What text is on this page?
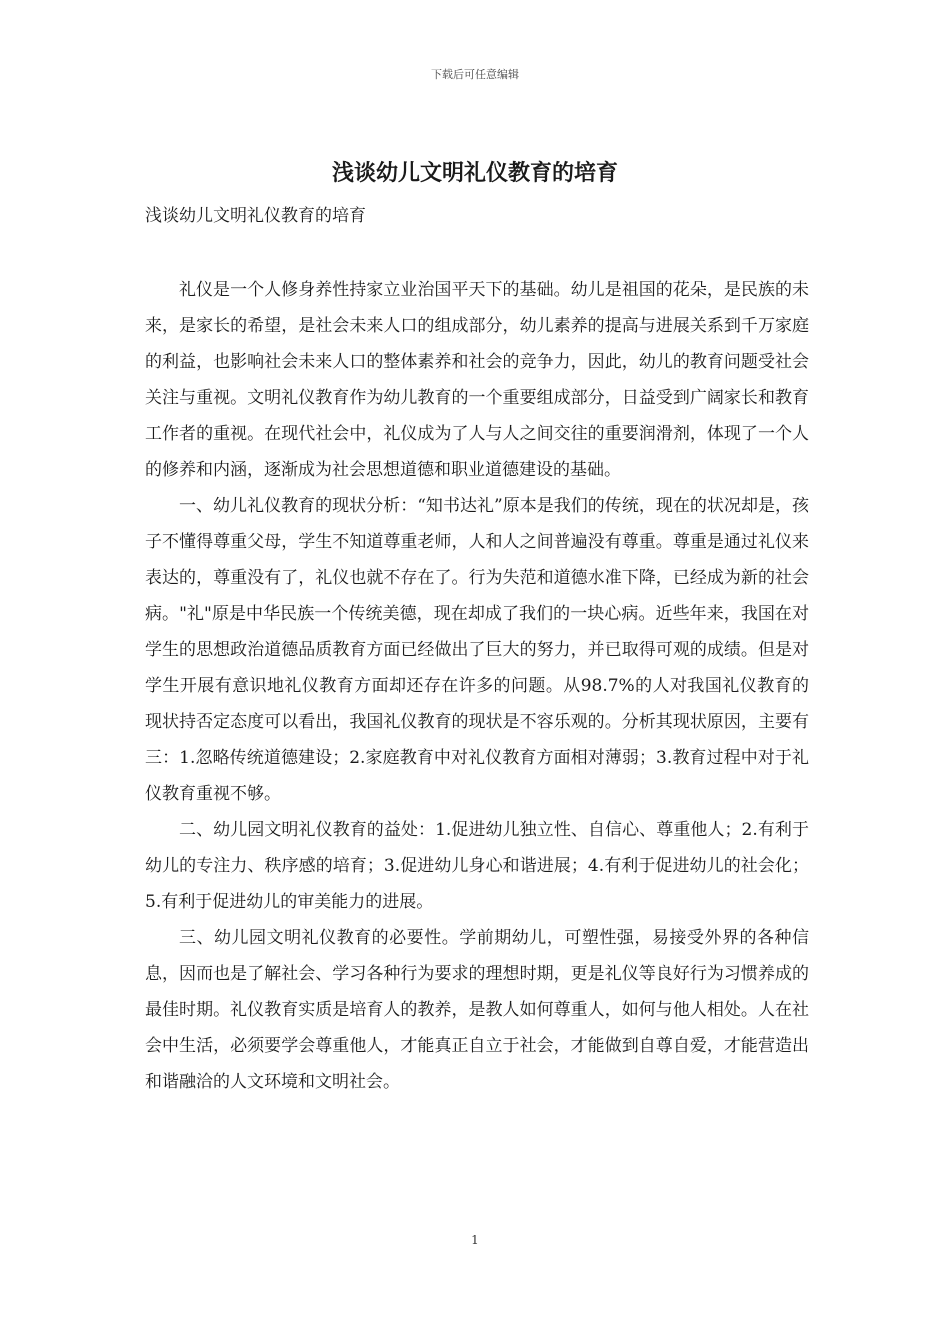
下载后可任意编辑
浅谈幼儿文明礼仪教育的培育
浅谈幼儿文明礼仪教育的培育

礼仪是一个人修身养性持家立业治国平天下的基础。幼儿是祖国的花朵，是民族的未来，是家长的希望，是社会未来人口的组成部分，幼儿素养的提高与进展关系到千万家庭的利益，也影响社会未来人口的整体素养和社会的竞争力，因此，幼儿的教育问题受社会关注与重视。文明礼仪教育作为幼儿教育的一个重要组成部分，日益受到广阔家长和教育工作者的重视。在现代社会中，礼仪成为了人与人之间交往的重要润滑剂，体现了一个人的修养和内涵，逐渐成为社会思想道德和职业道德建设的基础。

一、幼儿礼仪教育的现状分析：“知书达礼”原本是我们的传统，现在的状况却是，孩子不懂得尊重父母，学生不知道尊重老师，人和人之间普遍没有尊重。尊重是通过礼仪来表达的，尊重没有了，礼仪也就不存在了。行为失范和道德水准下降，已经成为新的社会病。"礼"原是中华民族一个传统美德，现在却成了我们的一块心病。近些年来，我国在对学生的思想政治道德品质教育方面已经做出了巨大的努力，并已取得可观的成绩。但是对学生开展有意识地礼仪教育方面却还存在许多的问题。从98.7%的人对我国礼仪教育的现状持否定态度可以看出，我国礼仪教育的现状是不容乐观的。分析其现状原因，主要有三：1.忽略传统道德建设；2.家庭教育中对礼仪教育方面相对薄弱；3.教育过程中对于礼仪教育重视不够。

二、幼儿园文明礼仪教育的益处：1.促进幼儿独立性、自信心、尊重他人；2.有利于幼儿的专注力、秩序感的培育；3.促进幼儿身心和谐进展；4.有利于促进幼儿的社会化；5.有利于促进幼儿的审美能力的进展。

三、幼儿园文明礼仪教育的必要性。学前期幼儿，可塑性强，易接受外界的各种信息，因而也是了解社会、学习各种行为要求的理想时期，更是礼仪等良好行为习惯养成的最佳时期。礼仪教育实质是培育人的教养，是教人如何尊重人，如何与他人相处。人在社会中生活，必须要学会尊重他人，才能真正自立于社会，才能做到自尊自爱，才能营造出和谐融洽的人文环境和文明社会。

1
